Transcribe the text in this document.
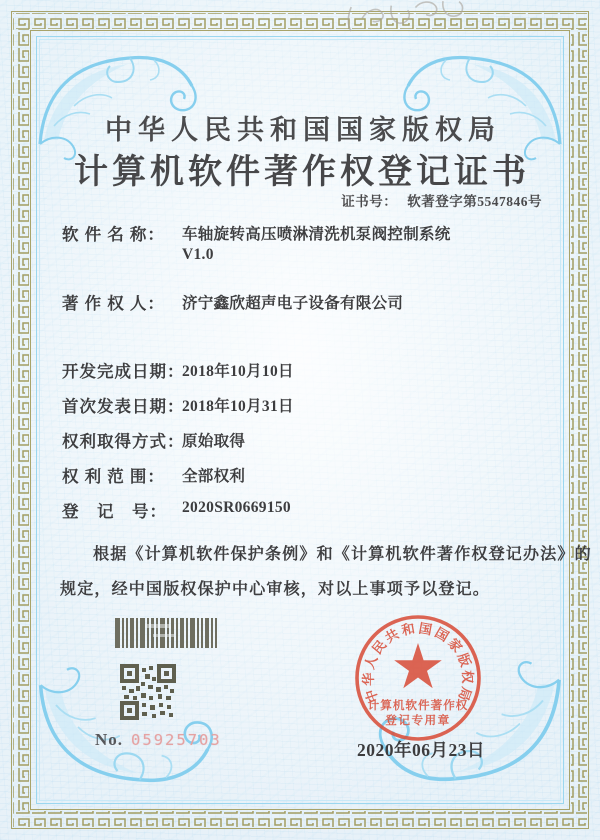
中华人民共和国国家版权局
计算机软件著作权登记证书
证书号： 软著登字第5547846号
软 件 名 称： 车轴旋转高压喷淋清洗机泵阀控制系统
V1.0
著 作 权 人： 济宁鑫欣超声电子设备有限公司
开发完成日期：
2018年10月10日
首次发表日期：
2018年10月31日
权利取得方式：
原始取得
权 利 范 围： 全部权利
登　记　号： 2020SR0669150
根据《计算机软件保护条例》和《计算机软件著作权登记办法》的
规定，经中国版权保护中心审核，对以上事项予以登记。
No. 05925703	2020年06月23日
中华人民共和国国家版权局
计算机软件著作权
登记专用章
